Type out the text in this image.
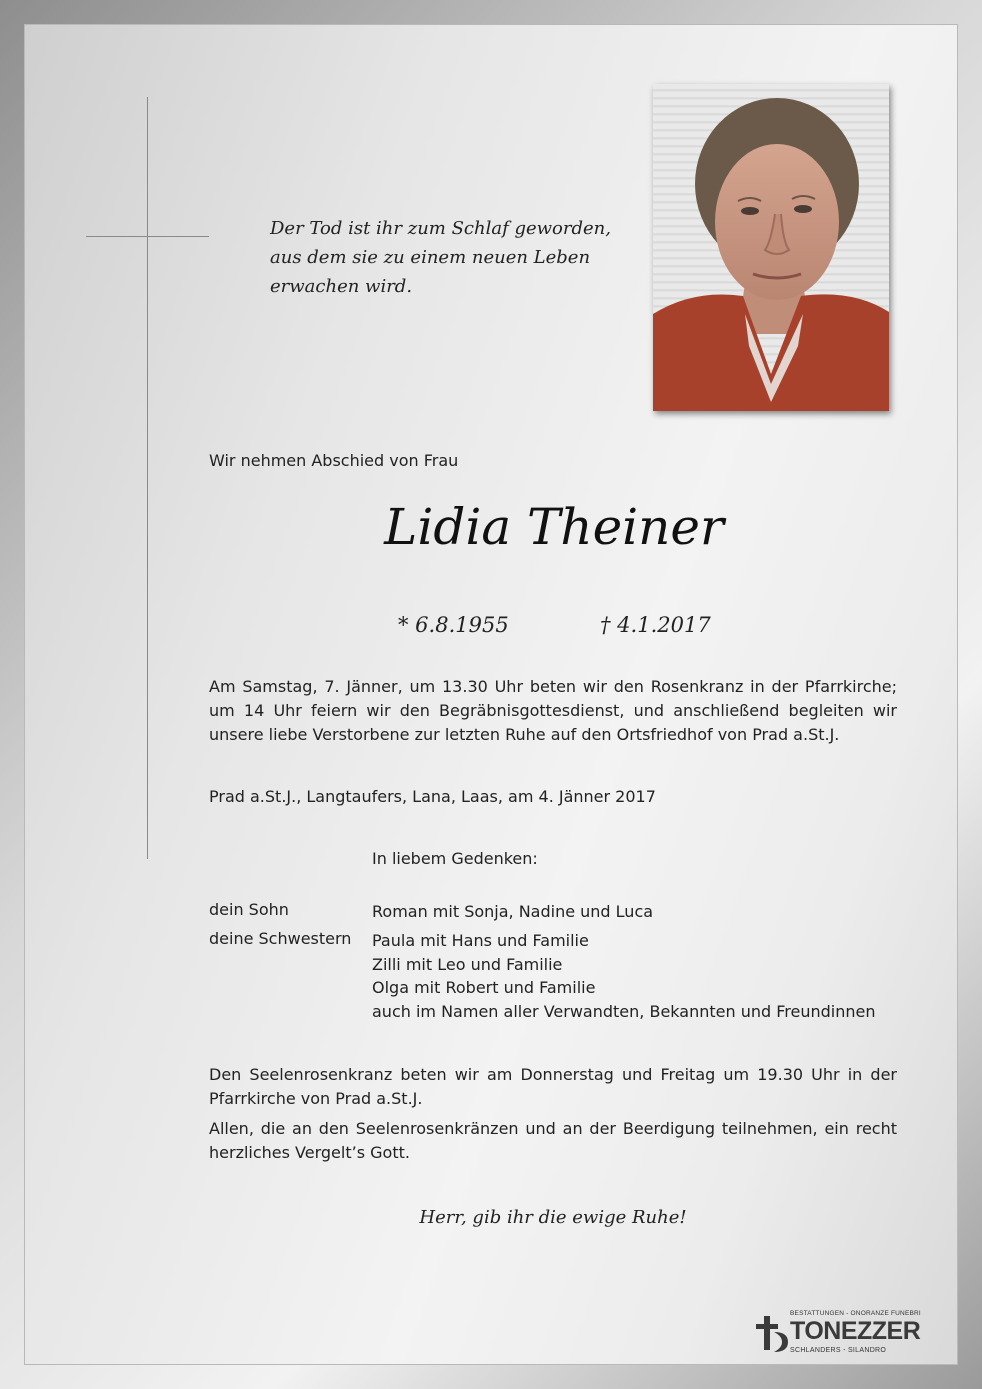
Der Tod ist ihr zum Schlaf geworden,
aus dem sie zu einem neuen Leben
erwachen wird.
Wir nehmen Abschied von Frau
Lidia Theiner
* 6.8.1955	† 4.1.2017
Am Samstag, 7. Jänner, um 13.30 Uhr beten wir den Rosenkranz in der Pfarrkirche; um 14 Uhr feiern wir den Begräbnisgottesdienst, und anschließend begleiten wir unsere liebe Verstorbene zur letzten Ruhe auf den Ortsfriedhof von Prad a.St.J.
Prad a.St.J., Langtaufers, Lana, Laas, am 4. Jänner 2017
In liebem Gedenken:
dein Sohn	Roman mit Sonja, Nadine und Luca
deine Schwestern Paula mit Hans und Familie
Zilli mit Leo und Familie
Olga mit Robert und Familie
auch im Namen aller Verwandten, Bekannten und Freundinnen
Den Seelenrosenkranz beten wir am Donnerstag und Freitag um 19.30 Uhr in der Pfarrkirche von Prad a.St.J.
Allen, die an den Seelenrosenkränzen und an der Beerdigung teilnehmen, ein recht herzliches Vergelt’s Gott.
Herr, gib ihr die ewige Ruhe!
BESTATTUNGEN - ONORANZE FUNEBRI
TONEZZER
SCHLANDERS - SILANDRO
